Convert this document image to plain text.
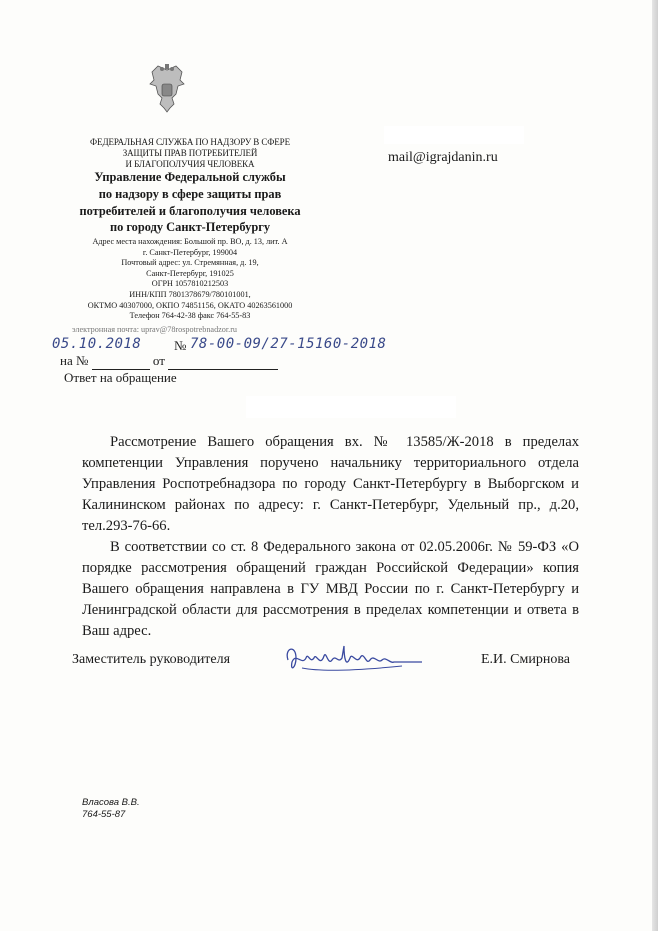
ФЕДЕРАЛЬНАЯ СЛУЖБА ПО НАДЗОРУ В СФЕРЕ
ЗАЩИТЫ ПРАВ ПОТРЕБИТЕЛЕЙ
И БЛАГОПОЛУЧИЯ ЧЕЛОВЕКА
Управление Федеральной службы
по надзору в сфере защиты прав
потребителей и благополучия человека
по городу Санкт-Петербургу
Адрес места нахождения: Большой пр. ВО, д. 13, лит. А
г. Санкт-Петербург, 199004
Почтовый адрес: ул. Стремянная, д. 19,
Санкт-Петербург, 191025
ОГРН 1057810212503
ИНН/КПП 7801378679/780101001,
ОКТМО 40307000, ОКПО 74851156, ОКАТО 40263561000
Телефон 764-42-38 факс 764-55-83
электронная почта: uprav@78rospotrebnadzor.ru
mail@igrajdanin.ru
05.10.2018	№ 78-00-09/27-15160-2018
на №	от
Ответ на обращение

Рассмотрение Вашего обращения вх. № 13585/Ж-2018 в пределах компетенции Управления поручено начальнику территориального отдела Управления Роспотребнадзора по городу Санкт-Петербургу в Выборгском и Калининском районах по адресу: г. Санкт-Петербург, Удельный пр., д.20, тел.293-76-66.

В соответствии со ст. 8 Федерального закона от 02.05.2006г. № 59-ФЗ «О порядке рассмотрения обращений граждан Российской Федерации» копия Вашего обращения направлена в ГУ МВД России по г. Санкт-Петербургу и Ленинградской области для рассмотрения в пределах компетенции и ответа в Ваш адрес.

Заместитель руководителя	Е.И. Смирнова
Власова В.В.
764-55-87
